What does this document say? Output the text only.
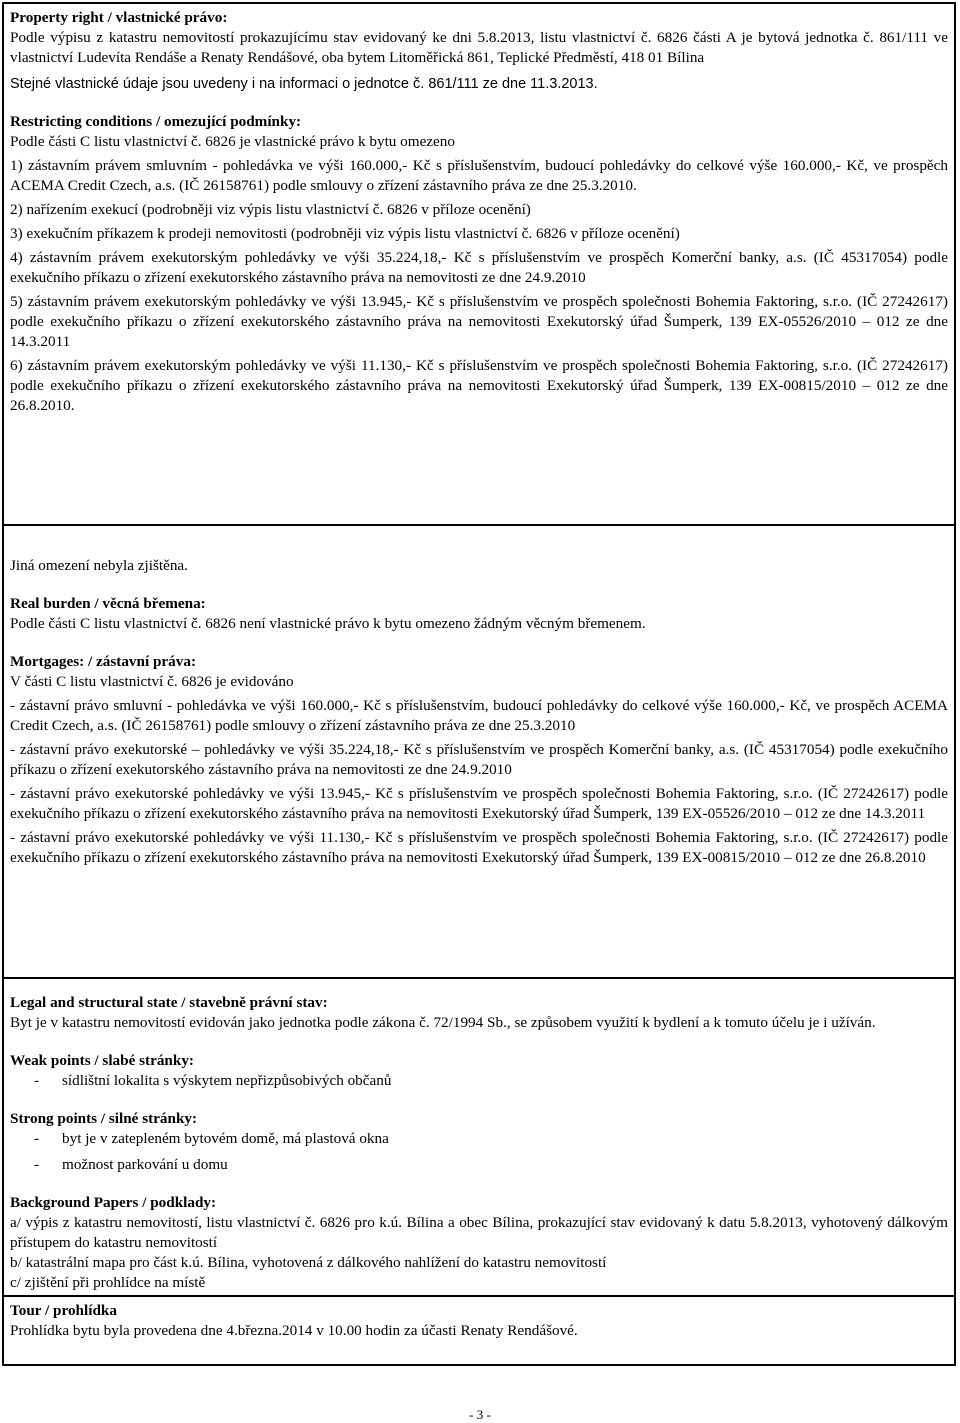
Property right / vlastnické právo:

Podle výpisu z katastru nemovitostí prokazujícímu stav evidovaný ke dni 5.8.2013, listu vlastnictví č. 6826 části A je bytová jednotka č. 861/111 ve vlastnictví Ludevíta Rendáše a Renaty Rendášové, oba bytem Litoměřická 861, Teplické Předměstí, 418 01 Bílina

Stejné vlastnické údaje jsou uvedeny i na informaci o jednotce č. 861/111 ze dne 11.3.2013.

Restricting conditions / omezující podmínky:

Podle části C listu vlastnictví č. 6826 je vlastnické právo k bytu omezeno

1) zástavním právem smluvním - pohledávka ve výši 160.000,- Kč s příslušenstvím, budoucí pohledávky do celkové výše 160.000,- Kč, ve prospěch ACEMA Credit Czech, a.s. (IČ 26158761) podle smlouvy o zřízení zástavního práva ze dne 25.3.2010.

2) nařízením exekucí (podrobněji viz výpis listu vlastnictví č. 6826 v příloze ocenění)

3) exekučním příkazem k prodeji nemovitosti (podrobněji viz výpis listu vlastnictví č. 6826 v příloze ocenění)

4) zástavním právem exekutorským pohledávky ve výši 35.224,18,- Kč s příslušenstvím ve prospěch Komerční banky, a.s. (IČ 45317054) podle exekučního příkazu o zřízení exekutorského zástavního práva na nemovitosti ze dne 24.9.2010

5) zástavním právem exekutorským pohledávky ve výši 13.945,- Kč s příslušenstvím ve prospěch společnosti Bohemia Faktoring, s.r.o. (IČ 27242617) podle exekučního příkazu o zřízení exekutorského zástavního práva na nemovitosti Exekutorský úřad Šumperk, 139 EX-05526/2010 – 012 ze dne 14.3.2011

6) zástavním právem exekutorským pohledávky ve výši 11.130,- Kč s příslušenstvím ve prospěch společnosti Bohemia Faktoring, s.r.o. (IČ 27242617) podle exekučního příkazu o zřízení exekutorského zástavního práva na nemovitosti Exekutorský úřad Šumperk, 139 EX-00815/2010 – 012 ze dne 26.8.2010.

Jiná omezení nebyla zjištěna.

Real burden / věcná břemena:

Podle části C listu vlastnictví č. 6826 není vlastnické právo k bytu omezeno žádným věcným břemenem.

Mortgages: / zástavní práva:

V části C listu vlastnictví č. 6826 je evidováno

- zástavní právo smluvní - pohledávka ve výši 160.000,- Kč s příslušenstvím, budoucí pohledávky do celkové výše 160.000,- Kč, ve prospěch ACEMA Credit Czech, a.s. (IČ 26158761) podle smlouvy o zřízení zástavního práva ze dne 25.3.2010

- zástavní právo exekutorské – pohledávky ve výši 35.224,18,- Kč s příslušenstvím ve prospěch Komerční banky, a.s. (IČ 45317054) podle exekučního příkazu o zřízení exekutorského zástavního práva na nemovitosti ze dne 24.9.2010

- zástavní právo exekutorské pohledávky ve výši 13.945,- Kč s příslušenstvím ve prospěch společnosti Bohemia Faktoring, s.r.o. (IČ 27242617) podle exekučního příkazu o zřízení exekutorského zástavního práva na nemovitosti Exekutorský úřad Šumperk, 139 EX-05526/2010 – 012 ze dne 14.3.2011

- zástavní právo exekutorské pohledávky ve výši 11.130,- Kč s příslušenstvím ve prospěch společnosti Bohemia Faktoring, s.r.o. (IČ 27242617) podle exekučního příkazu o zřízení exekutorského zástavního práva na nemovitosti Exekutorský úřad Šumperk, 139 EX-00815/2010 – 012 ze dne 26.8.2010

Legal and structural state / stavebně právní stav:

Byt je v katastru nemovitostí evidován jako jednotka podle zákona č. 72/1994 Sb., se způsobem využití k bydlení a k tomuto účelu je i užíván.

Weak points / slabé stránky:

-	sídlištní lokalita s výskytem nepřizpůsobivých občanů

Strong points / silné stránky:

-	byt je v zatepleném bytovém domě, má plastová okna
-	možnost parkování u domu

Background Papers / podklady:

a/ výpis z katastru nemovitostí, listu vlastnictví č. 6826 pro k.ú. Bílina a obec Bílina, prokazující stav evidovaný k datu 5.8.2013, vyhotovený dálkovým přístupem do katastru nemovitostí

b/ katastrální mapa pro část k.ú. Bílina, vyhotovená z dálkového nahlížení do katastru nemovitostí

c/ zjištění při prohlídce na místě

Tour / prohlídka

Prohlídka bytu byla provedena dne 4.března.2014 v 10.00 hodin za účasti Renaty Rendášové.

- 3 -
